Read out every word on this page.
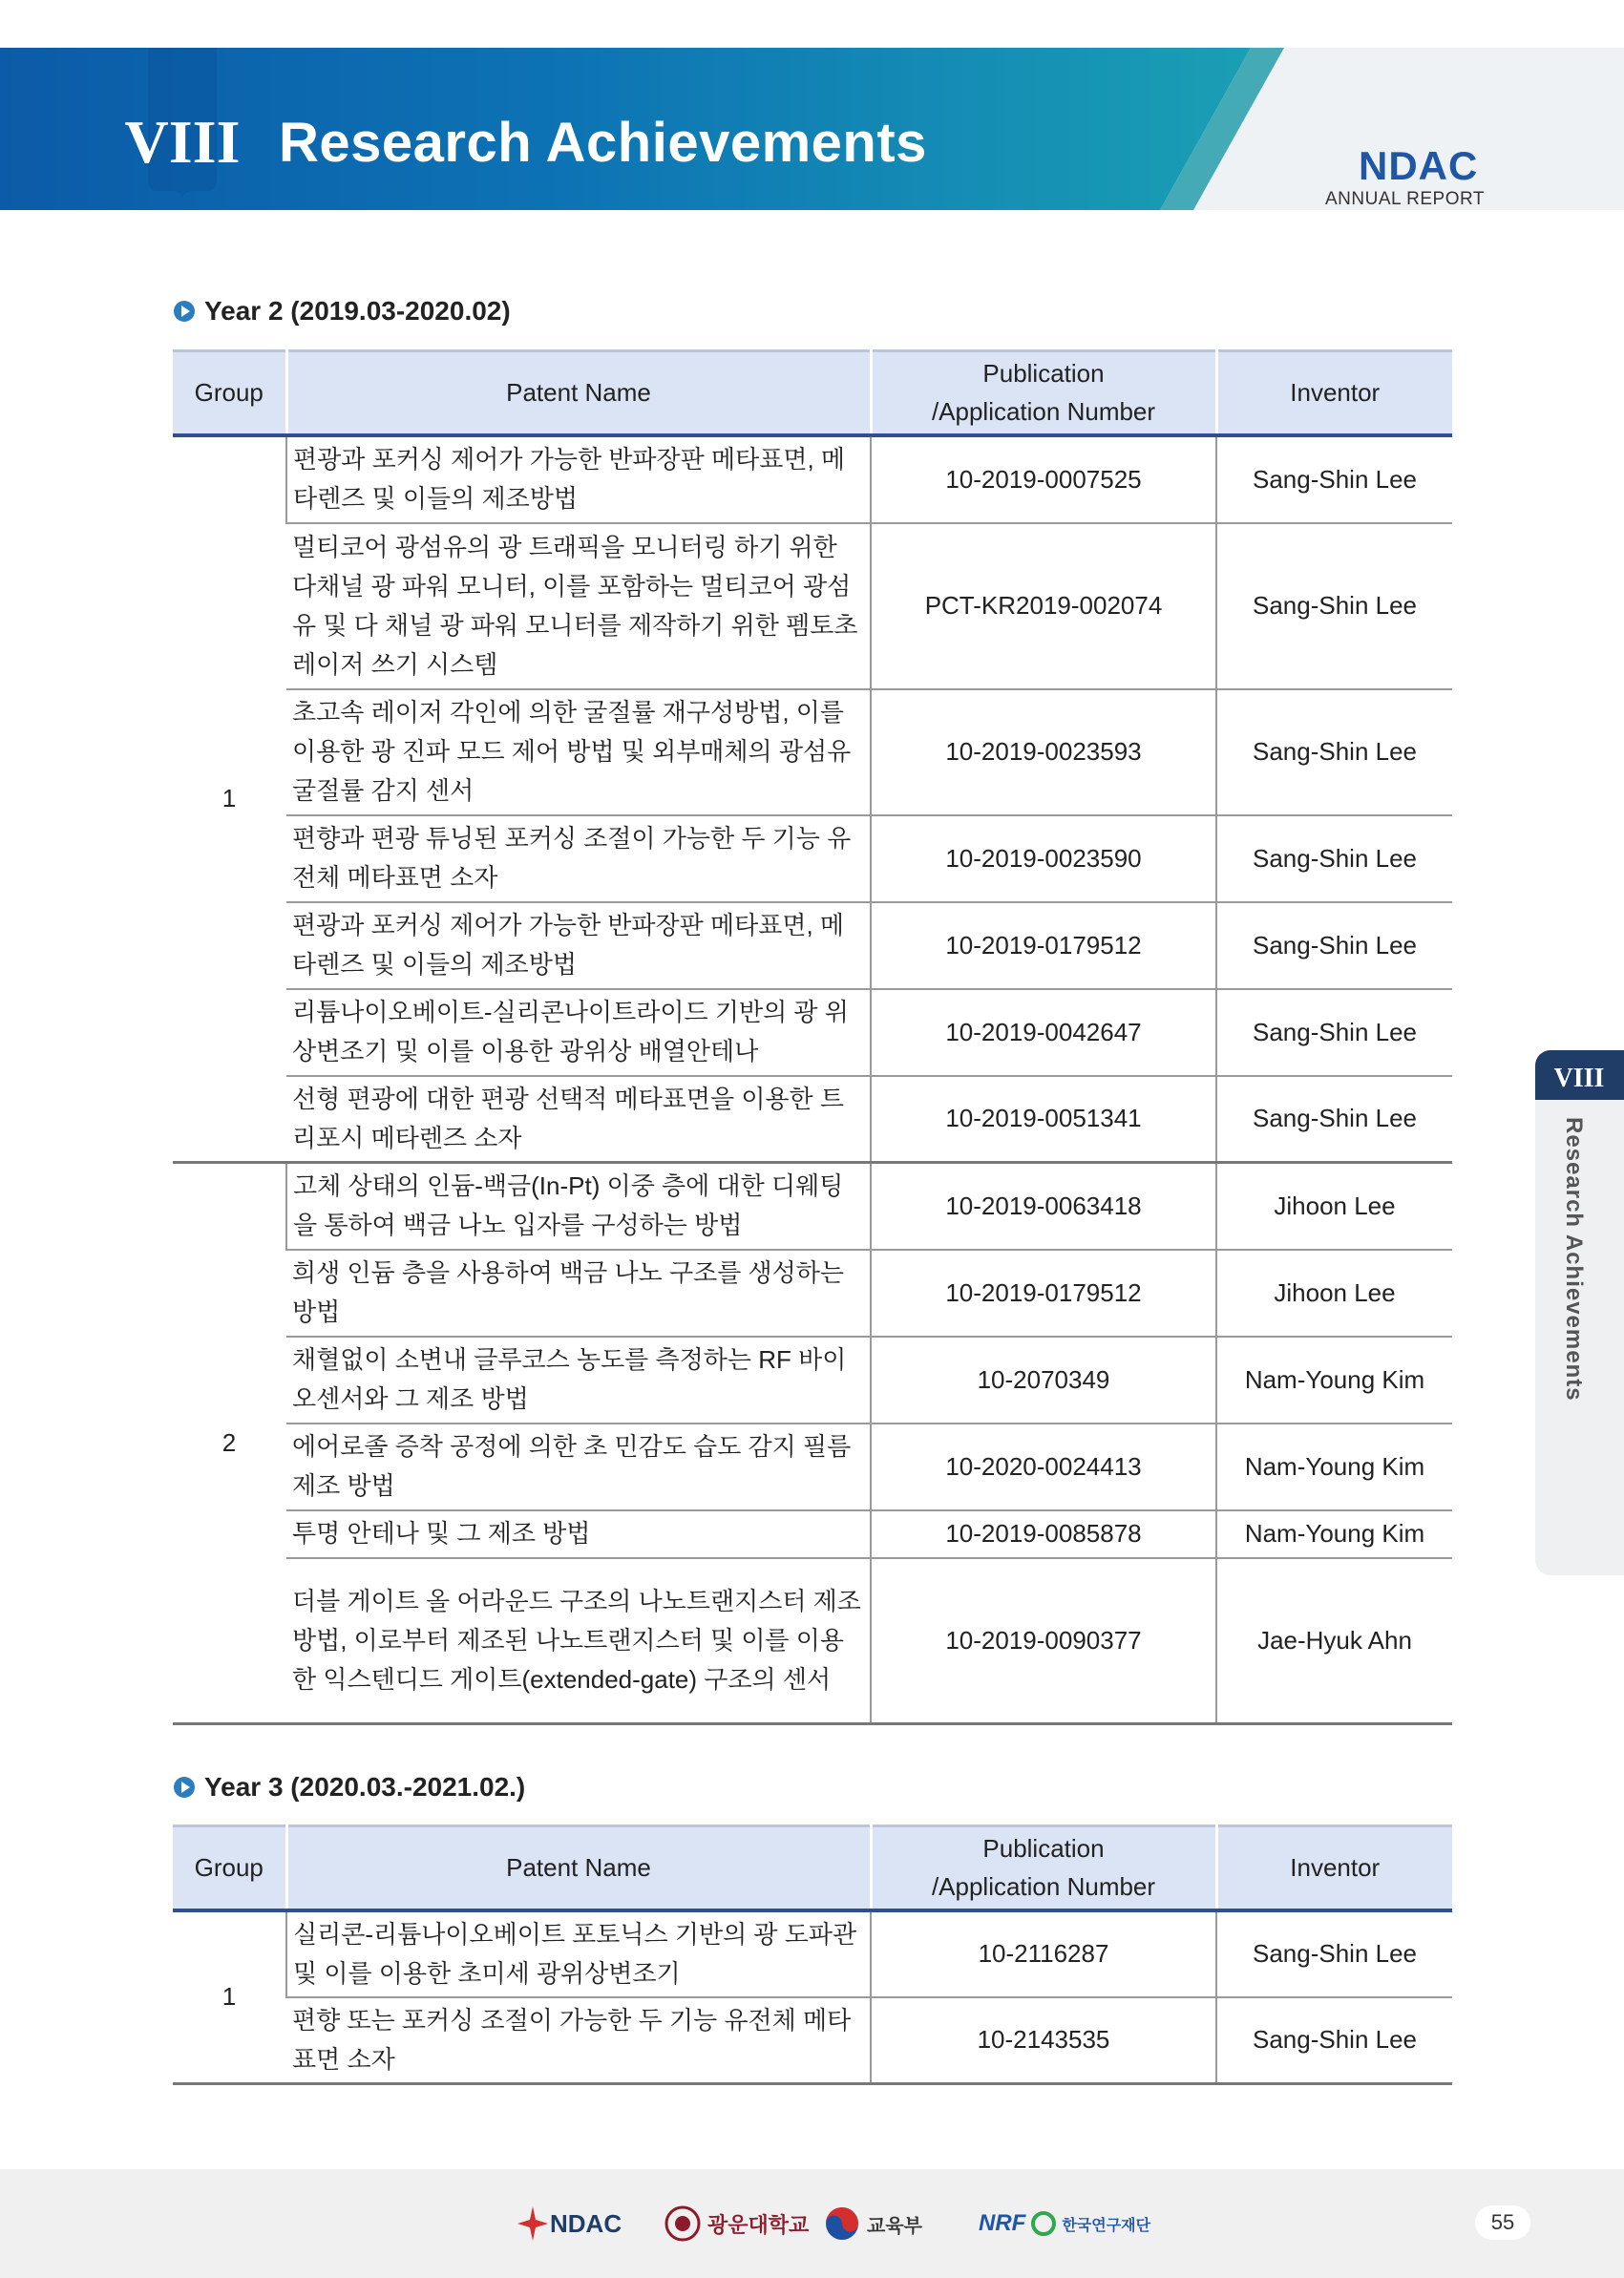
VIII Research Achievements	NDAC
ANNUAL REPORT
Year 2 (2019.03-2020.02)
Group	Patent Name	Publication
/Application Number	Inventor
1	편광과 포커싱 제어가 가능한 반파장판 메타표면, 메타렌즈 및 이들의 제조방법	10-2019-0007525	Sang-Shin Lee
	멀티코어 광섬유의 광 트래픽을 모니터링 하기 위한 다채널 광 파워 모니터, 이를 포함하는 멀티코어 광섬유 및 다 채널 광 파워 모니터를 제작하기 위한 펨토초 레이저 쓰기 시스템	PCT-KR2019-002074	Sang-Shin Lee
	초고속 레이저 각인에 의한 굴절률 재구성방법, 이를 이용한 광 진파 모드 제어 방법 및 외부매체의 광섬유 굴절률 감지 센서	10-2019-0023593	Sang-Shin Lee
	편향과 편광 튜닝된 포커싱 조절이 가능한 두 기능 유전체 메타표면 소자	10-2019-0023590	Sang-Shin Lee
	편광과 포커싱 제어가 가능한 반파장판 메타표면, 메타렌즈 및 이들의 제조방법	10-2019-0179512	Sang-Shin Lee
	리튬나이오베이트-실리콘나이트라이드 기반의 광 위상변조기 및 이를 이용한 광위상 배열안테나	10-2019-0042647	Sang-Shin Lee
	선형 편광에 대한 편광 선택적 메타표면을 이용한 트리포시 메타렌즈 소자	10-2019-0051341	Sang-Shin Lee
2	고체 상태의 인듐-백금(In-Pt) 이중 층에 대한 디웨팅을 통하여 백금 나노 입자를 구성하는 방법	10-2019-0063418	Jihoon Lee
	희생 인듐 층을 사용하여 백금 나노 구조를 생성하는 방법	10-2019-0179512	Jihoon Lee
	채혈없이 소변내 글루코스 농도를 측정하는 RF 바이오센서와 그 제조 방법	10-2070349	Nam-Young Kim
	에어로졸 증착 공정에 의한 초 민감도 습도 감지 필름 제조 방법	10-2020-0024413	Nam-Young Kim
	투명 안테나 및 그 제조 방법	10-2019-0085878	Nam-Young Kim
	더블 게이트 올 어라운드 구조의 나노트랜지스터 제조방법, 이로부터 제조된 나노트랜지스터 및 이를 이용한 익스텐디드 게이트(extended-gate) 구조의 센서	10-2019-0090377	Jae-Hyuk Ahn
Year 3 (2020.03.-2021.02.)
Group	Patent Name	Publication
/Application Number	Inventor
1	실리콘-리튬나이오베이트 포토닉스 기반의 광 도파관 및 이를 이용한 초미세 광위상변조기	10-2116287	Sang-Shin Lee
	편향 또는 포커싱 조절이 가능한 두 기능 유전체 메타표면 소자	10-2143535	Sang-Shin Lee
VIII
Research Achievements
NDAC	광운대학교	교육부 NRF 한국연구재단	55
